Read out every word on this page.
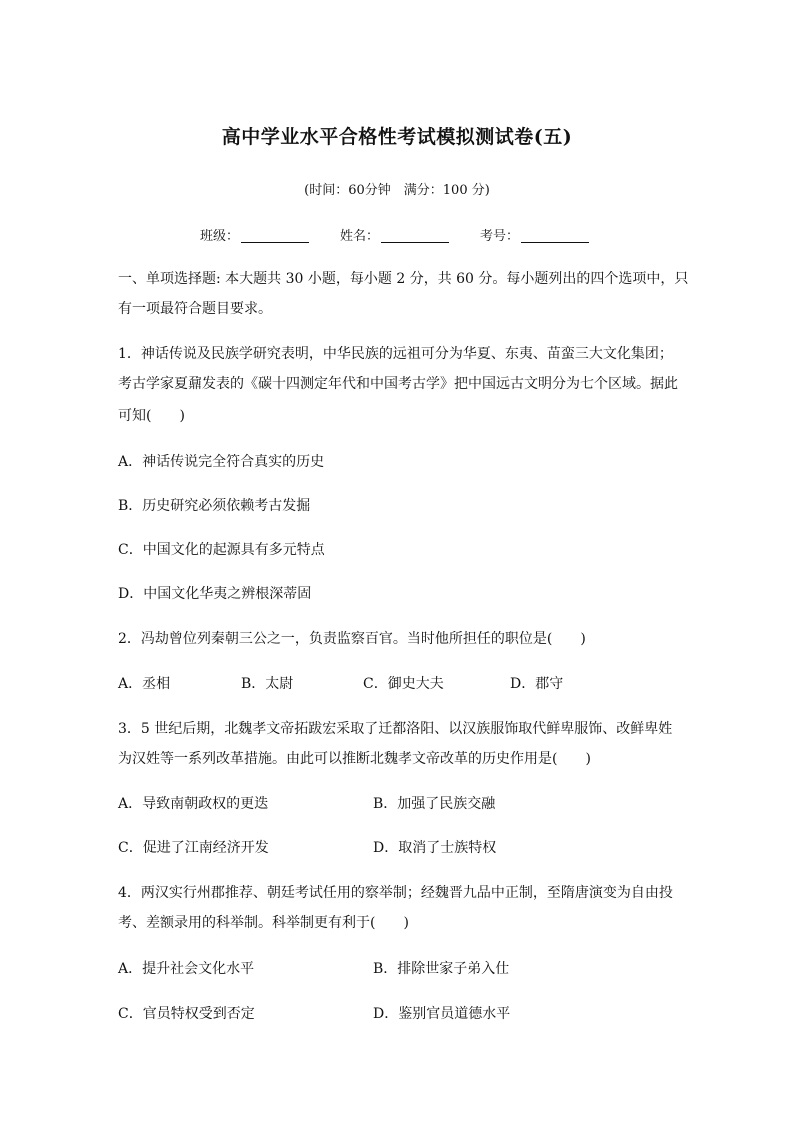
高中学业水平合格性考试模拟测试卷(五)
(时间：60分钟　满分：100 分)
班级：	姓名：	考号：
一、单项选择题: 本大题共 30 小题，每小题 2 分，共 60 分。每小题列出的四个选项中，只
有一项最符合题目要求。
1．神话传说及民族学研究表明，中华民族的远祖可分为华夏、东夷、苗蛮三大文化集团；
考古学家夏鼐发表的《碳十四测定年代和中国考古学》把中国远古文明分为七个区域。据此
可知(　　)
A．神话传说完全符合真实的历史
B．历史研究必须依赖考古发掘
C．中国文化的起源具有多元特点
D．中国文化华夷之辨根深蒂固
2．冯劫曾位列秦朝三公之一，负责监察百官。当时他所担任的职位是(　　)
A．丞相	B．太尉	C．御史大夫	D．郡守
3．5 世纪后期，北魏孝文帝拓跋宏采取了迁都洛阳、以汉族服饰取代鲜卑服饰、改鲜卑姓
为汉姓等一系列改革措施。由此可以推断北魏孝文帝改革的历史作用是(　　)
A．导致南朝政权的更迭	B．加强了民族交融
C．促进了江南经济开发	D．取消了士族特权
4．两汉实行州郡推荐、朝廷考试任用的察举制；经魏晋九品中正制，至隋唐演变为自由投
考、差额录用的科举制。科举制更有利于(　　)
A．提升社会文化水平	B．排除世家子弟入仕
C．官员特权受到否定	D．鉴别官员道德水平
